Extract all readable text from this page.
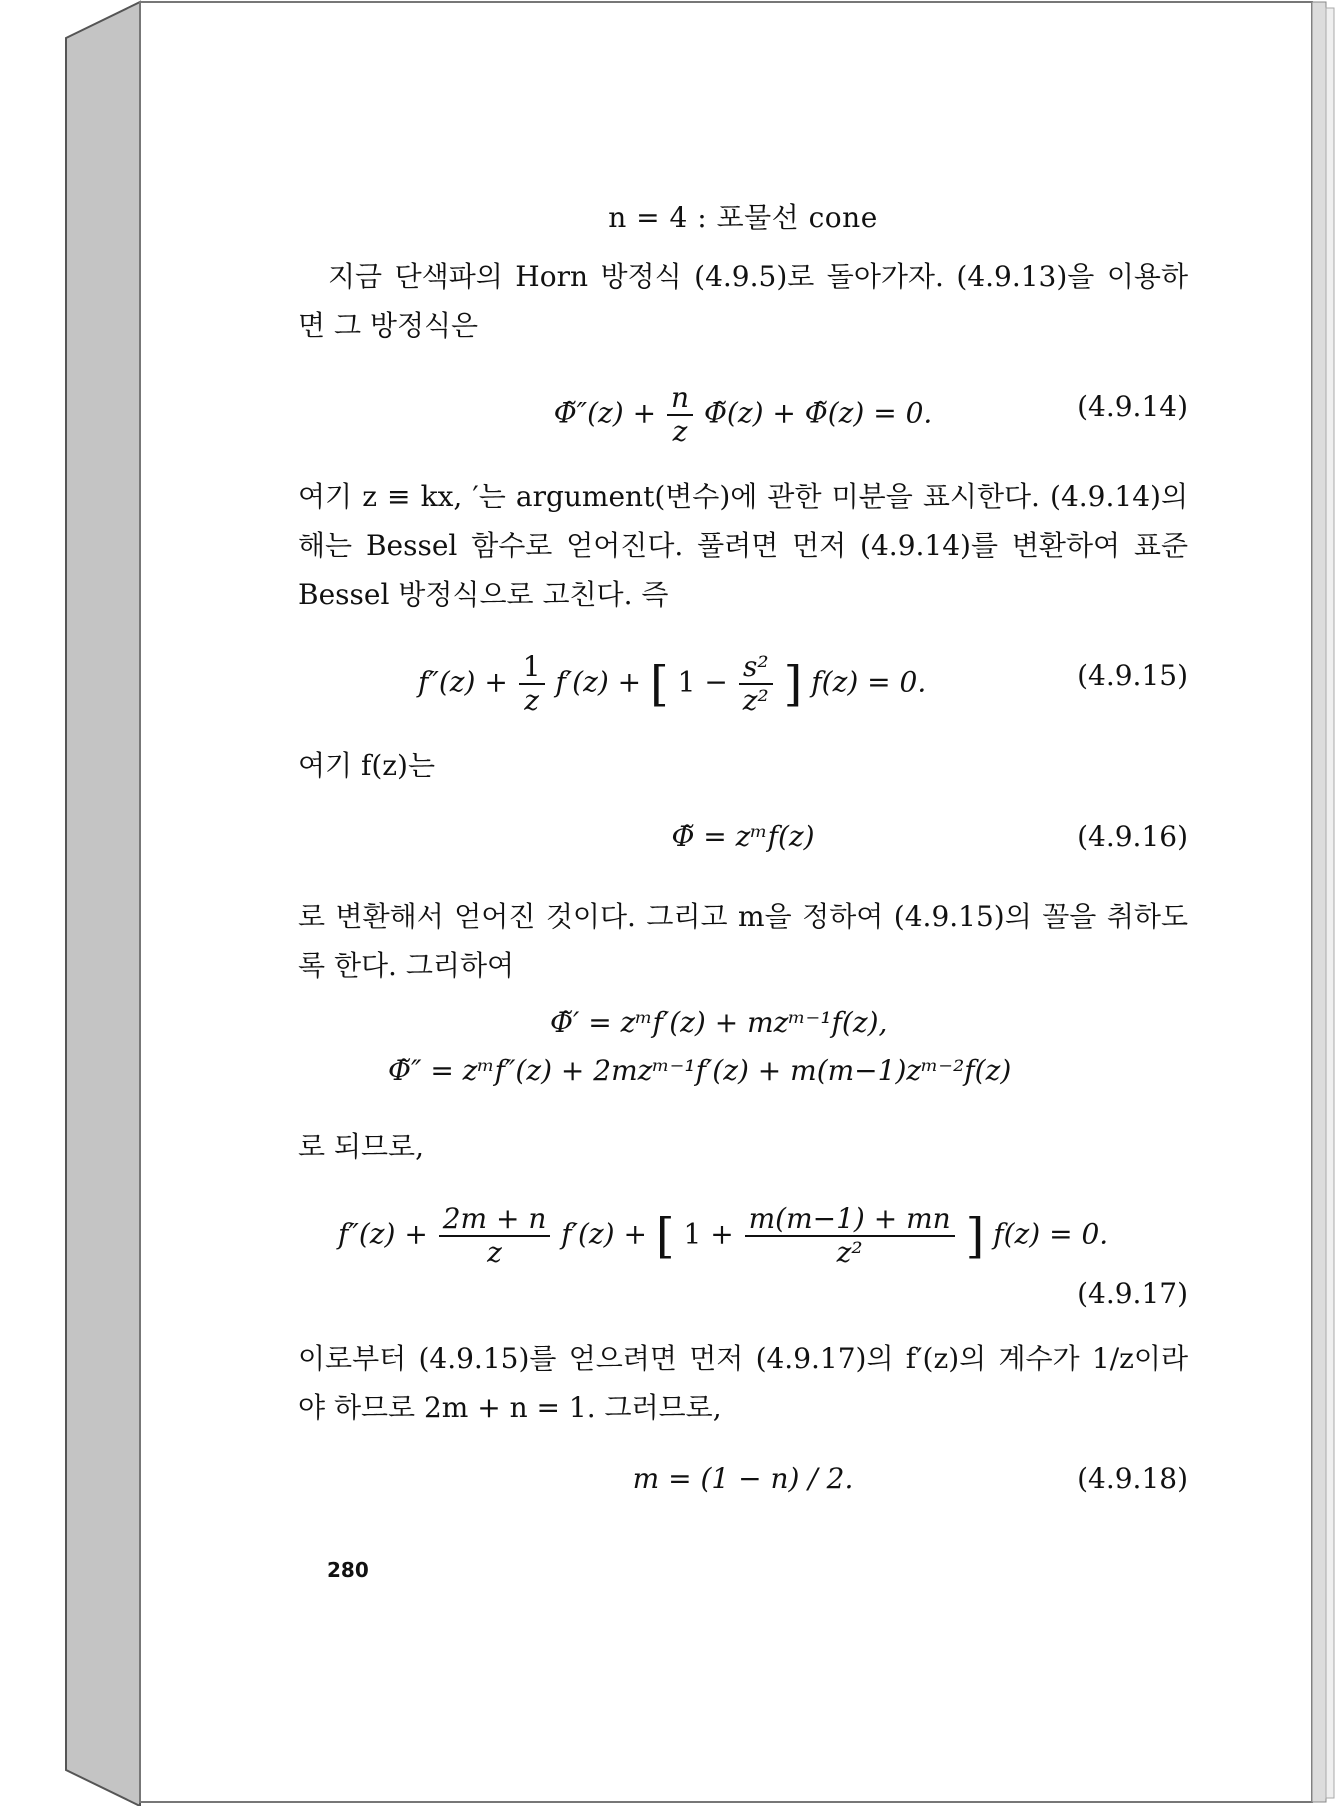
n = 4 : 포물선 cone

지금 단색파의 Horn 방정식 (4.9.5)로 돌아가자. (4.9.13)을 이용하면 그 방정식은

Φ̃″(z) + $\frac{n}{z}$ Φ̃(z) + Φ̃(z) = 0.	(4.9.14)

여기 z ≡ kx, ′는 argument(변수)에 관한 미분을 표시한다. (4.9.14)의 해는 Bessel 함수로 얻어진다. 풀려면 먼저 (4.9.14)를 변환하여 표준 Bessel 방정식으로 고친다. 즉

$f''(z) + \frac{1}{z} f'(z)$ + [ $1 - \frac{\text{s²}}{\text{z²}}$ ] f(z) = 0.	(4.9.15)

여기 f(z)는

Φ̃ = zᵐf(z)	(4.9.16)

로 변환해서 얻어진 것이다. 그리고 m을 정하여 (4.9.15)의 꼴을 취하도록 한다. 그리하여

Φ̃′ = zᵐf′(z) + mzᵐ⁻¹f(z),
Φ̃″ = zᵐf″(z) + 2mzᵐ⁻¹f′(z) + m(m−1)zᵐ⁻²f(z)

로 되므로,

$f''(z) + \frac{2m + n}{z} f'(z)$ + [ $1 + \frac{m(m-1) + mn}{\text{z²}}$ ] f(z) = 0.
(4.9.17)

이로부터 (4.9.15)를 얻으려면 먼저 (4.9.17)의 f′(z)의 계수가 1/z이라야 하므로 2m + n = 1. 그러므로,

m = (1 − n) / 2.	(4.9.18)
280
